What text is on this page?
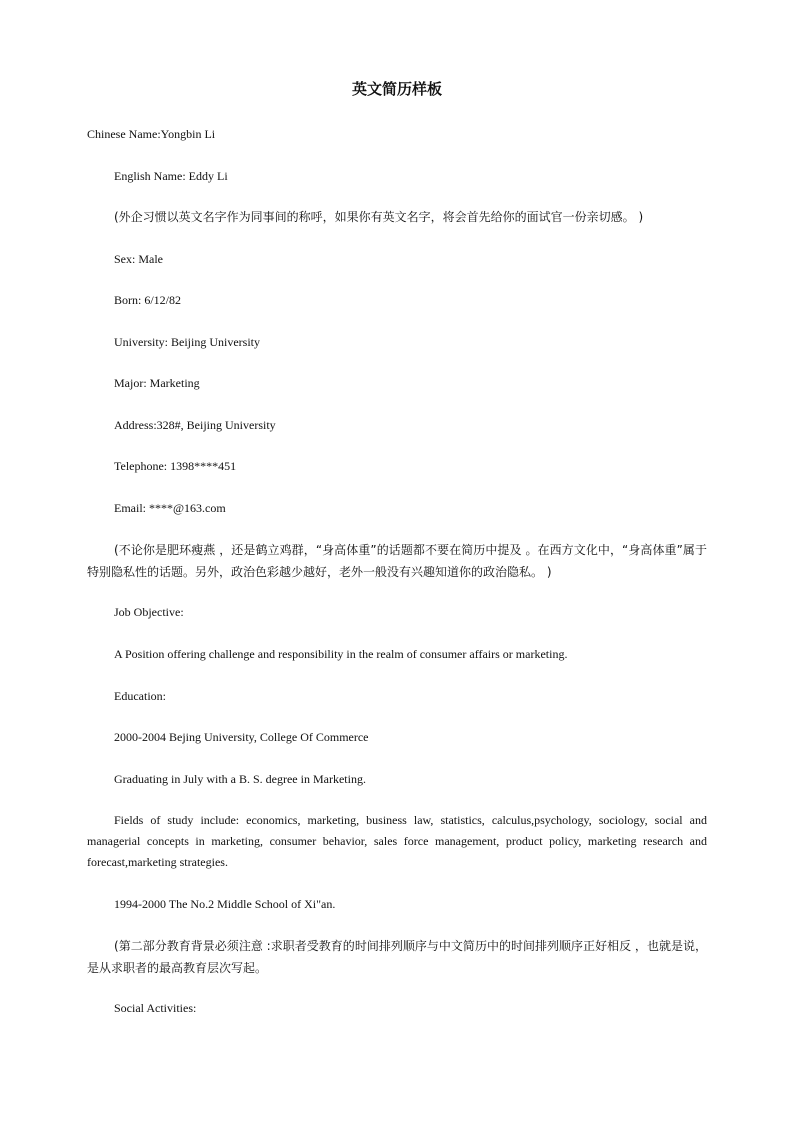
英文简历样板
Chinese Name:Yongbin Li
English Name: Eddy Li
(外企习惯以英文名字作为同事间的称呼，如果你有英文名字，将会首先给你的面试官一份亲切感。 )
Sex: Male
Born: 6/12/82
University: Beijing University
Major: Marketing
Address:328#, Beijing University
Telephone: 1398****451
Email: ****@163.com
(不论你是肥环瘦燕 ，还是鹤立鸡群，“身高体重”的话题都不要在简历中提及 。在西方文化中，“身高体重”属于特别隐私性的话题。另外，政治色彩越少越好，老外一般没有兴趣知道你的政治隐私。 )
Job Objective:
A Position offering challenge and responsibility in the realm of consumer affairs or marketing.
Education:
2000-2004 Bejing University, College Of Commerce
Graduating in July with a B. S. degree in Marketing.
Fields of study include: economics, marketing, business law, statistics, calculus,psychology, sociology, social and managerial concepts in marketing, consumer behavior, sales force management, product policy, marketing research and forecast,marketing strategies.
1994-2000 The No.2 Middle School of Xi"an.
(第二部分教育背景必须注意 :求职者受教育的时间排列顺序与中文简历中的时间排列顺序正好相反 ，也就是说，是从求职者的最高教育层次写起。
Social Activities:
